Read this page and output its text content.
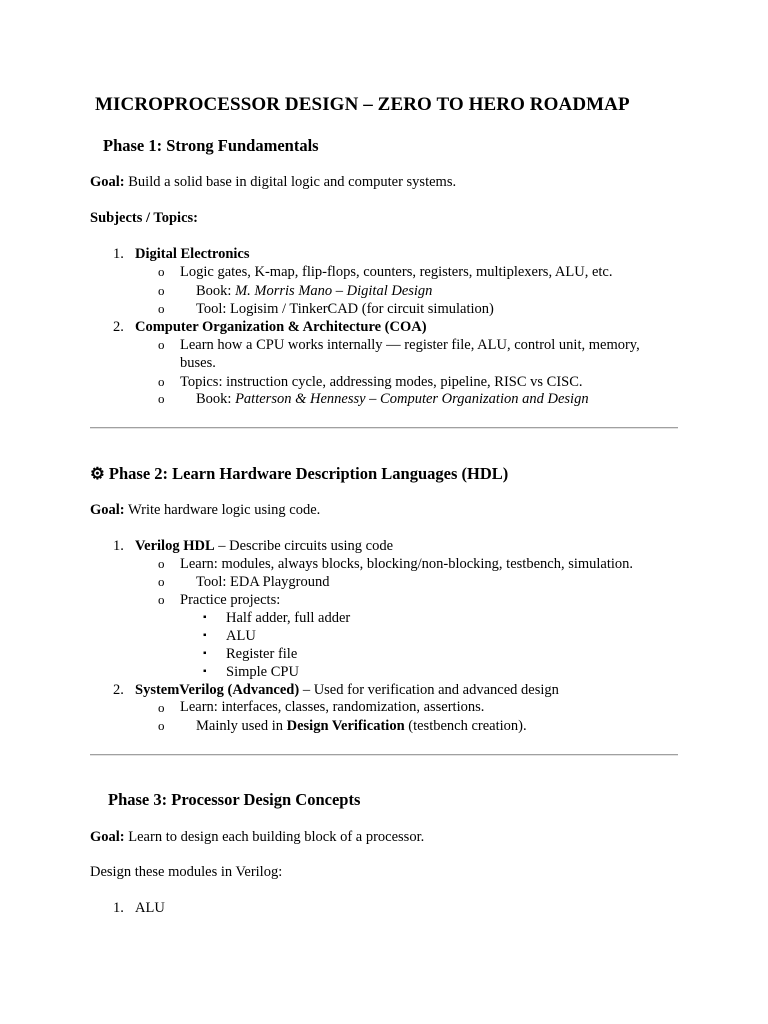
MICROPROCESSOR DESIGN – ZERO TO HERO ROADMAP
Phase 1: Strong Fundamentals
Goal: Build a solid base in digital logic and computer systems.
Subjects / Topics:
1. Digital Electronics
o Logic gates, K-map, flip-flops, counters, registers, multiplexers, ALU, etc.
o Book: M. Morris Mano – Digital Design
o Tool: Logisim / TinkerCAD (for circuit simulation)
2. Computer Organization & Architecture (COA)
o Learn how a CPU works internally — register file, ALU, control unit, memory,
buses.
o Topics: instruction cycle, addressing modes, pipeline, RISC vs CISC.
o Book: Patterson & Hennessy – Computer Organization and Design
⚙ Phase 2: Learn Hardware Description Languages (HDL)
Goal: Write hardware logic using code.
1. Verilog HDL – Describe circuits using code
o Learn: modules, always blocks, blocking/non-blocking, testbench, simulation.
o Tool: EDA Playground
o Practice projects:
▪ Half adder, full adder
▪ ALU
▪ Register file
▪ Simple CPU
2. SystemVerilog (Advanced) – Used for verification and advanced design
o Learn: interfaces, classes, randomization, assertions.
o Mainly used in Design Verification (testbench creation).
Phase 3: Processor Design Concepts
Goal: Learn to design each building block of a processor.
Design these modules in Verilog:
1. ALU
